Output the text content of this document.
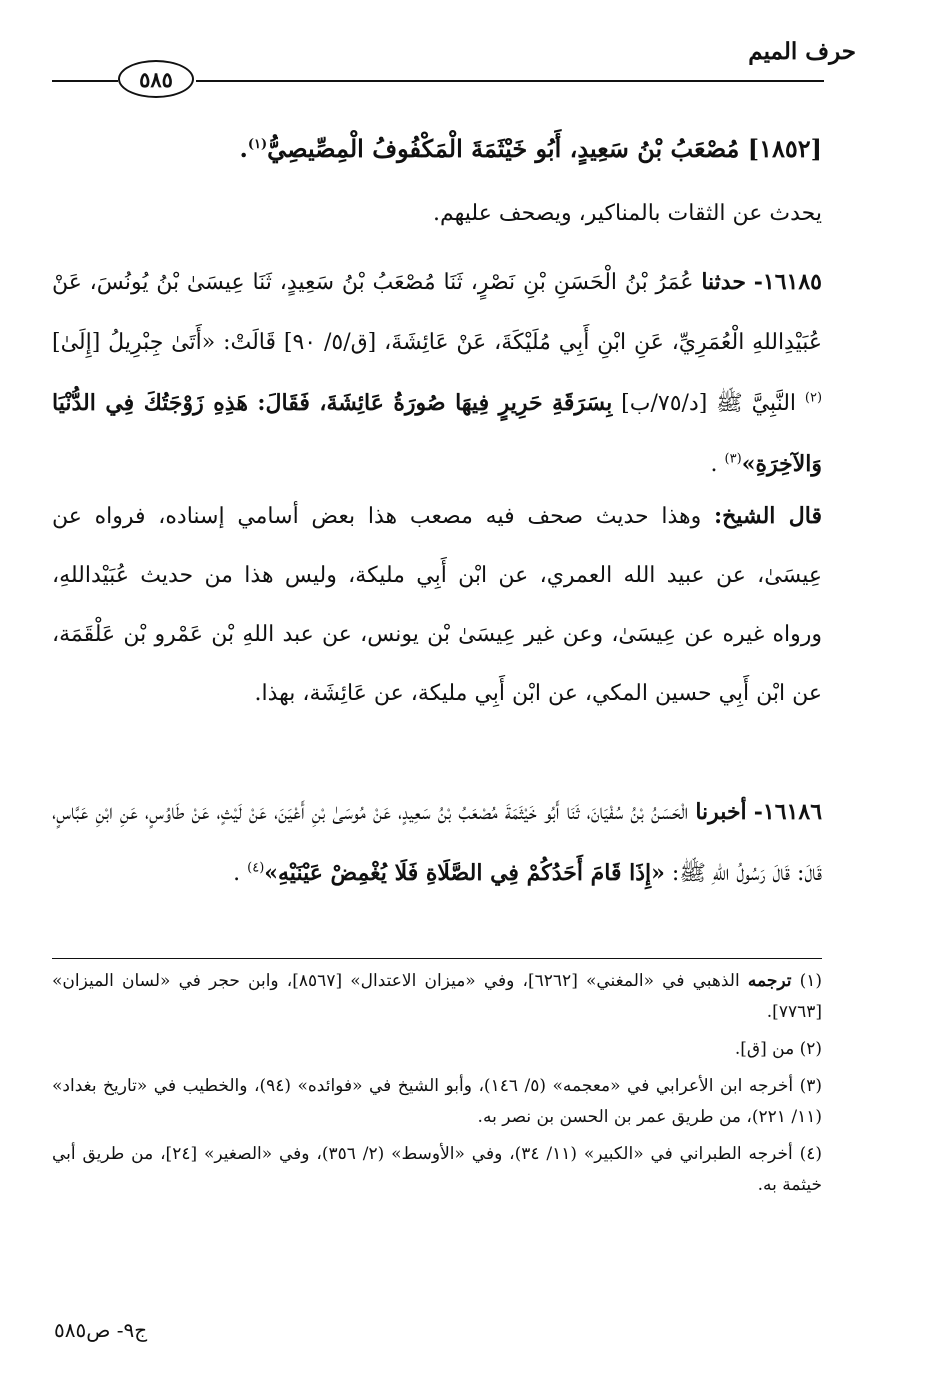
حرف الميم
٥٨٥
[١٨٥٢] مُصْعَبُ بْنُ سَعِيدٍ، أَبُو خَيْثَمَةَ الْمَكْفُوفُ الْمِصِّيصِيُّ$^{(١)}$.
يحدث عن الثقات بالمناكير، ويصحف عليهم.

١٦١٨٥- حدثنا عُمَرُ بْنُ الْحَسَنِ بْنِ نَصْرٍ، ثَنَا مُصْعَبُ بْنُ سَعِيدٍ، ثَنَا عِيسَىٰ بْنُ يُونُسَ، عَنْ عُبَيْدِاللهِ الْعُمَرِيِّ، عَنِ ابْنِ أَبِي مُلَيْكَةَ، عَنْ عَائِشَةَ، [ق/٥/ ٩٠] قَالَتْ: «أَتَىٰ جِبْرِيلُ [إِلَىٰ]$^{(٢)}$ النَّبِيَّ ﷺ [د/٧٥/ب] بِسَرَقَةِ حَرِيرٍ فِيهَا صُورَةُ عَائِشَةَ، فَقَالَ: هَذِهِ زَوْجَتُكَ فِي الدُّنْيَا وَالآخِرَةِ»$^{(٣)}$ .

قال الشيخ: وهذا حديث صحف فيه مصعب هذا بعض أسامي إسناده، فرواه عن عِيسَىٰ، عن عبيد الله العمري، عن ابْن أَبِي مليكة، وليس هذا من حديث عُبَيْداللهِ، ورواه غيره عن عِيسَىٰ، وعن غير عِيسَىٰ بْن يونس، عن عبد اللهِ بْن عَمْرو بْن عَلْقَمَة، عن ابْن أَبِي حسين المكي، عن ابْن أَبِي مليكة، عن عَائِشَة، بهذا.

١٦١٨٦- أخبرنا الْحَسَنُ بْنُ سُفْيَانَ، ثَنَا أَبُو خَيْثَمَةَ مُصْعَبُ بْنُ سَعِيدٍ، عَنْ مُوسَىٰ بْنِ أَعْيَنَ، عَنْ لَيْثٍ، عَنْ طَاوُسٍ، عَنِ ابْنِ عَبَّاسٍ، قَالَ: قَالَ رَسُولُ اللهِ ﷺ: «إِذَا قَامَ أَحَدُكُمْ فِي الصَّلَاةِ فَلَا يُغْمِضْ عَيْنَيْهِ»$^{(٤)}$ .

(١) ترجمه الذهبي في «المغني» [٦٢٦٢]، وفي «ميزان الاعتدال» [٨٥٦٧]، وابن حجر في «لسان الميزان» [٧٧٦٣].

(٢) من [ق].

(٣) أخرجه ابن الأعرابي في «معجمه» (٥/ ١٤٦)، وأبو الشيخ في «فوائده» (٩٤)، والخطيب في «تاريخ بغداد» (١١/ ٢٢١)، من طريق عمر بن الحسن بن نصر به.

(٤) أخرجه الطبراني في «الكبير» (١١/ ٣٤)، وفي «الأوسط» (٢/ ٣٥٦)، وفي «الصغير» [٢٤]، من طريق أبي خيثمة به.

ج٩- ص٥٨٥
